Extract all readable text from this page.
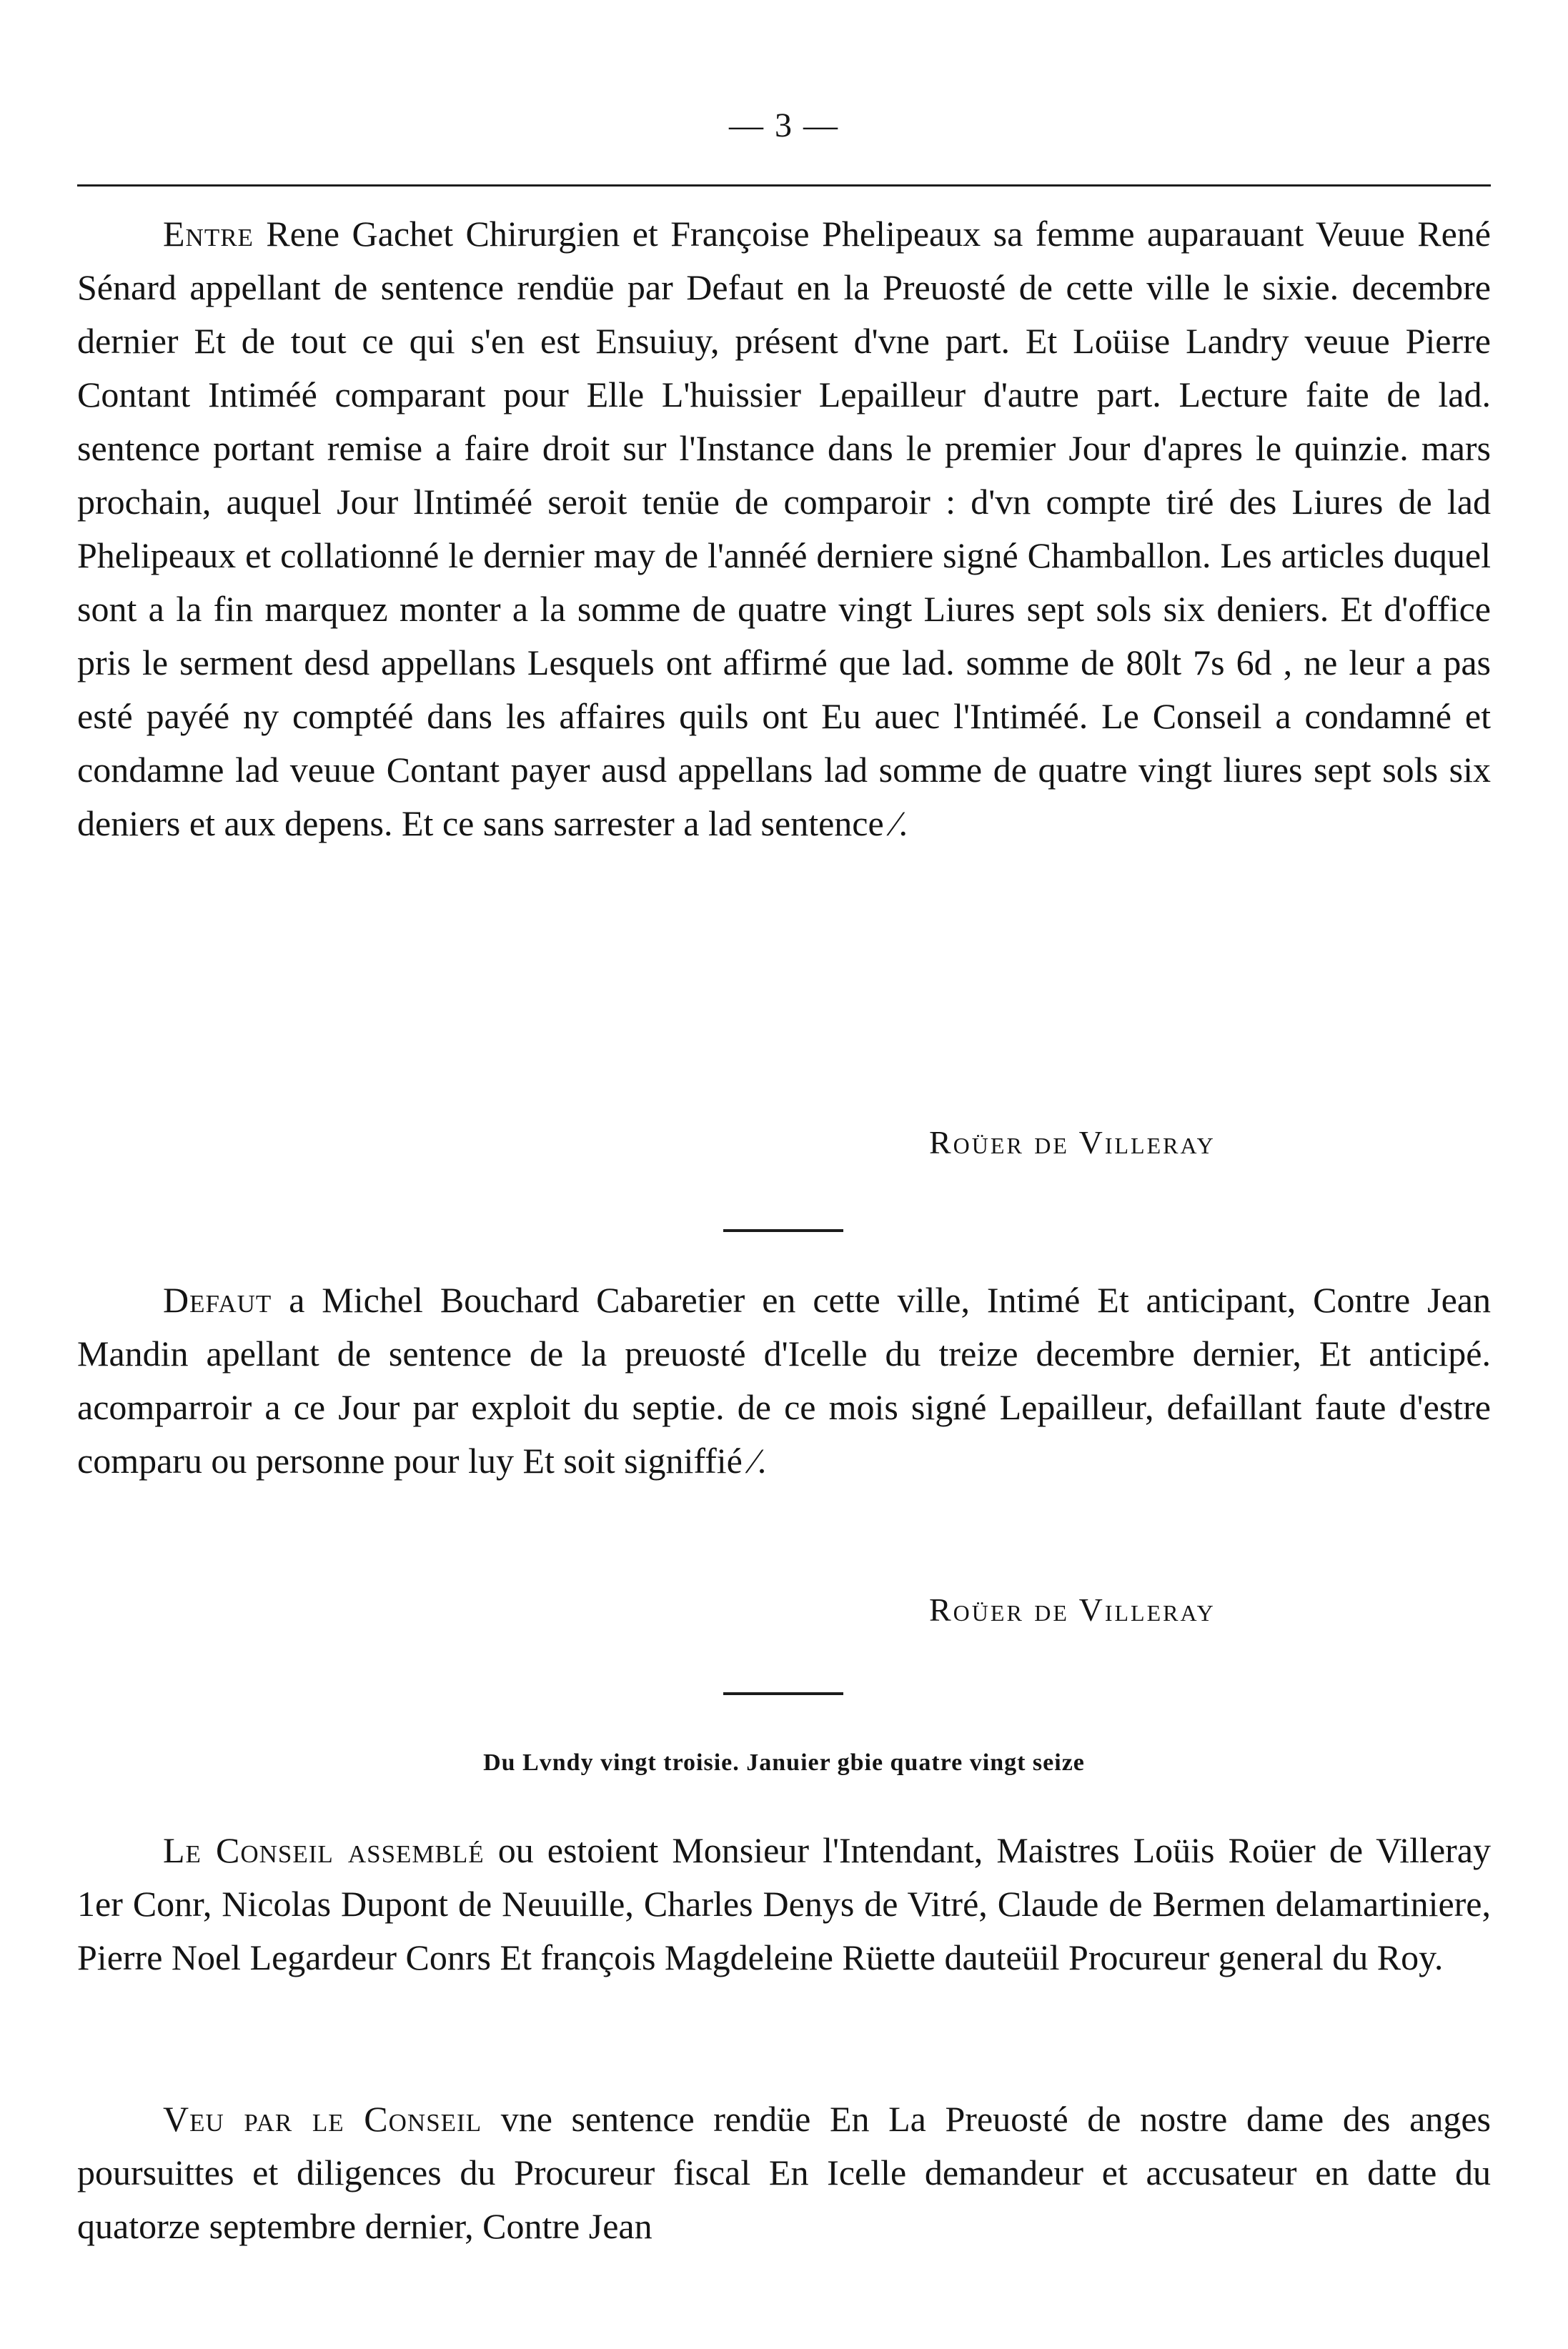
— 3 —

Entre Rene Gachet Chirurgien et Françoise Phelipeaux sa femme auparauant Veuue René Sénard appellant de sentence rendüe par Defaut en la Preuosté de cette ville le sixie. decembre dernier Et de tout ce qui s'en est Ensuiuy, présent d'vne part. Et Loüise Landry veuue Pierre Contant Intiméé comparant pour Elle L'huissier Lepailleur d'autre part. Lecture faite de lad. sentence portant remise a faire droit sur l'Instance dans le premier Jour d'apres le quinzie. mars prochain, auquel Jour lIntiméé seroit tenüe de comparoir : d'vn compte tiré des Liures de lad Phelipeaux et collationné le dernier may de l'annéé derniere signé Chamballon. Les articles duquel sont a la fin marquez monter a la somme de quatre vingt Liures sept sols six deniers. Et d'office pris le serment desd appellans Lesquels ont affirmé que lad. somme de 80lt 7s 6d , ne leur a pas esté payéé ny comptéé dans les affaires quils ont Eu auec l'Intiméé. Le Conseil a condamné et condamne lad veuue Contant payer ausd appellans lad somme de quatre vingt liures sept sols six deniers et aux depens. Et ce sans sarrester a lad sentence ⁄.

Roüer de Villeray

Defaut a Michel Bouchard Cabaretier en cette ville, Intimé Et anticipant, Contre Jean Mandin apellant de sentence de la preuosté d'Icelle du treize decembre dernier, Et anticipé. acomparroir a ce Jour par exploit du septie. de ce mois signé Lepailleur, defaillant faute d'estre comparu ou personne pour luy Et soit signiffié ⁄.

Roüer de Villeray
Du Lvndy vingt troisie. Januier gbie quatre vingt seize

Le Conseil assemblé ou estoient Monsieur l'Intendant, Maistres Loüis Roüer de Villeray 1er Conr, Nicolas Dupont de Neuuille, Charles Denys de Vitré, Claude de Bermen delamartiniere, Pierre Noel Legardeur Conrs Et françois Magdeleine Rüette dauteüil Procureur general du Roy.

Veu par le Conseil vne sentence rendüe En La Preuosté de nostre dame des anges poursuittes et diligences du Procureur fiscal En Icelle demandeur et accusateur en datte du quatorze septembre dernier, Contre Jean
